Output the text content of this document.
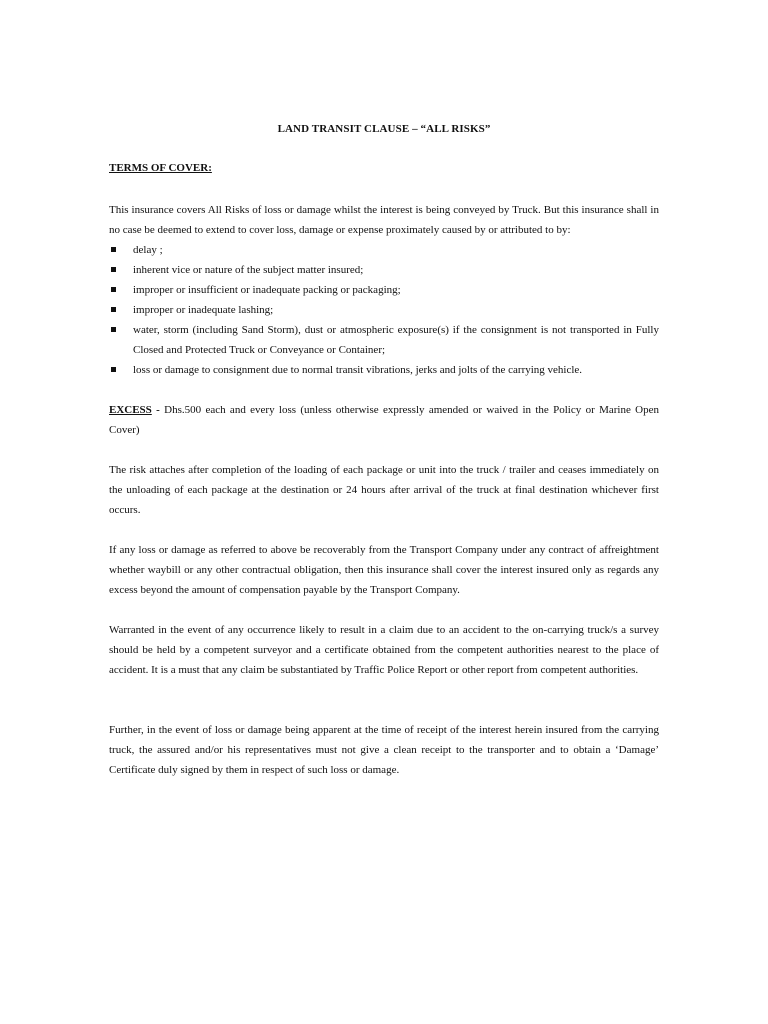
LAND TRANSIT CLAUSE – “ALL RISKS”
TERMS OF COVER:

This insurance covers All Risks of loss or damage whilst the interest is being conveyed by Truck. But this insurance shall in no case be deemed to extend to cover loss, damage or expense proximately caused by or attributed to by:

delay ;
inherent vice or nature of the subject matter insured;
improper or insufficient or inadequate packing or packaging;
improper or inadequate lashing;
water, storm (including Sand Storm), dust or atmospheric exposure(s) if the consignment is not transported in Fully Closed and Protected Truck or Conveyance or Container;
loss or damage to consignment due to normal transit vibrations, jerks and jolts of the carrying vehicle.

EXCESS - Dhs.500 each and every loss (unless otherwise expressly amended or waived in the Policy or Marine Open Cover)

The risk attaches after completion of the loading of each package or unit into the truck / trailer and ceases immediately on the unloading of each package at the destination or 24 hours after arrival of the truck at final destination whichever first occurs.

If any loss or damage as referred to above be recoverably from the Transport Company under any contract of affreightment whether waybill or any other contractual obligation, then this insurance shall cover the interest insured only as regards any excess beyond the amount of compensation payable by the Transport Company.

Warranted in the event of any occurrence likely to result in a claim due to an accident to the on-carrying truck/s a survey should be held by a competent surveyor and a certificate obtained from the competent authorities nearest to the place of accident. It is a must that any claim be substantiated by Traffic Police Report or other report from competent authorities.

Further, in the event of loss or damage being apparent at the time of receipt of the interest herein insured from the carrying truck, the assured and/or his representatives must not give a clean receipt to the transporter and to obtain a ‘Damage’ Certificate duly signed by them in respect of such loss or damage.
